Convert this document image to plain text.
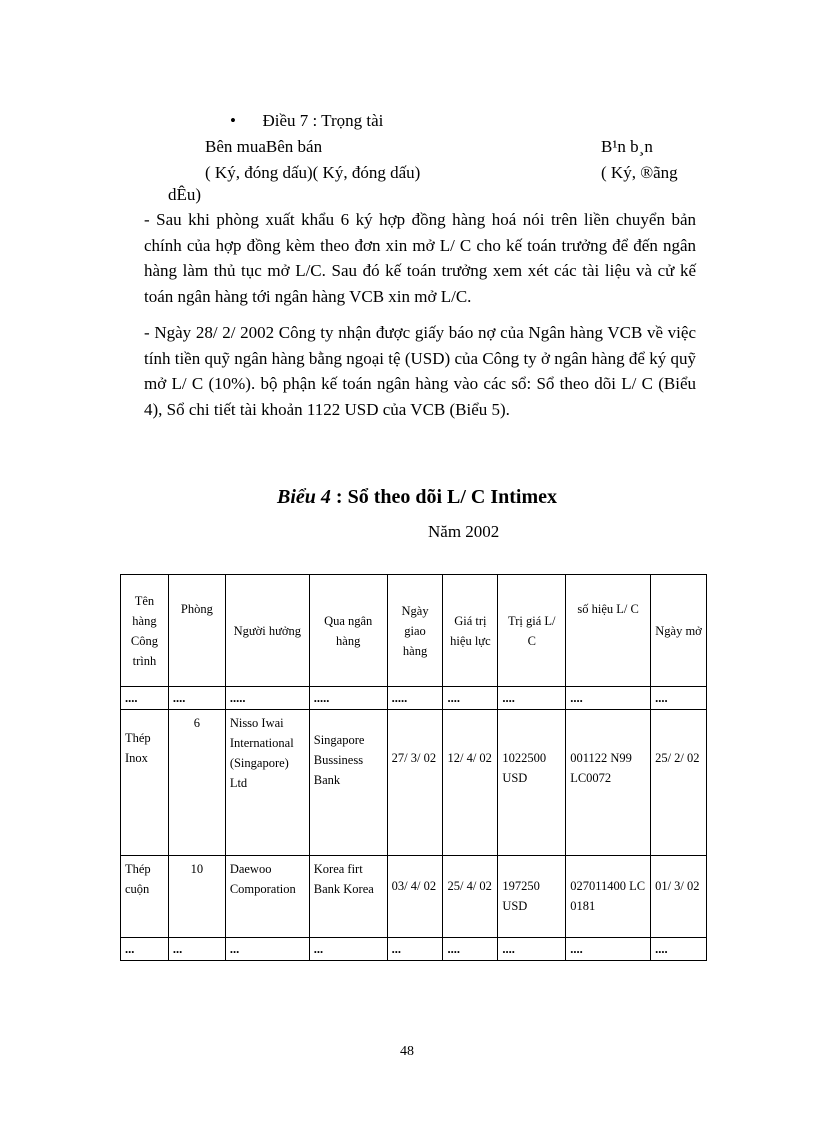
• Điều 7 : Trọng tài
Bên muaBên bán	B¹n b¸n
( Ký, đóng dấu)( Ký, đóng dấu)	( Ký, ®ãng
dÊu)
- Sau khi phòng xuất khẩu 6 ký hợp đồng hàng hoá nói trên liền chuyển bản chính của hợp đồng kèm theo đơn xin mở L/ C cho kế toán trưởng để đến ngân hàng làm thủ tục mở L/C. Sau đó kế toán trưởng xem xét các tài liệu và cử kế toán ngân hàng tới ngân hàng VCB xin mở L/C.
- Ngày 28/ 2/ 2002 Công ty nhận được giấy báo nợ của Ngân hàng VCB về việc tính tiền quỹ ngân hàng bằng ngoại tệ (USD) của Công ty ở ngân hàng để ký quỹ mở L/ C (10%). bộ phận kế toán ngân hàng vào các sổ: Sổ theo dõi L/ C (Biểu 4), Sổ chi tiết tài khoản 1122 USD của VCB (Biểu 5).
Biểu 4 : Sổ theo dõi L/ C Intimex
Năm 2002
Tên hàng Công trình	Phòng	Người hưởng	Qua ngân hàng	Ngày giao hàng	Giá trị hiệu lực	Trị giá L/ C	số hiệu L/ C	Ngày mở
....	....	.....	.....	.....	....	....	....	....
Thép Inox	6	Nisso Iwai International (Singapore) Ltd	Singapore Bussiness Bank	27/ 3/ 02	12/ 4/ 02	1022500 USD	001122 N99 LC0072	25/ 2/ 02
Thép cuộn	10	Daewoo Comporation	Korea firt Bank Korea	03/ 4/ 02	25/ 4/ 02	197250 USD	027011400 LC 0181	01/ 3/ 02
...	...	...	...	...	....	....	....	....
48
